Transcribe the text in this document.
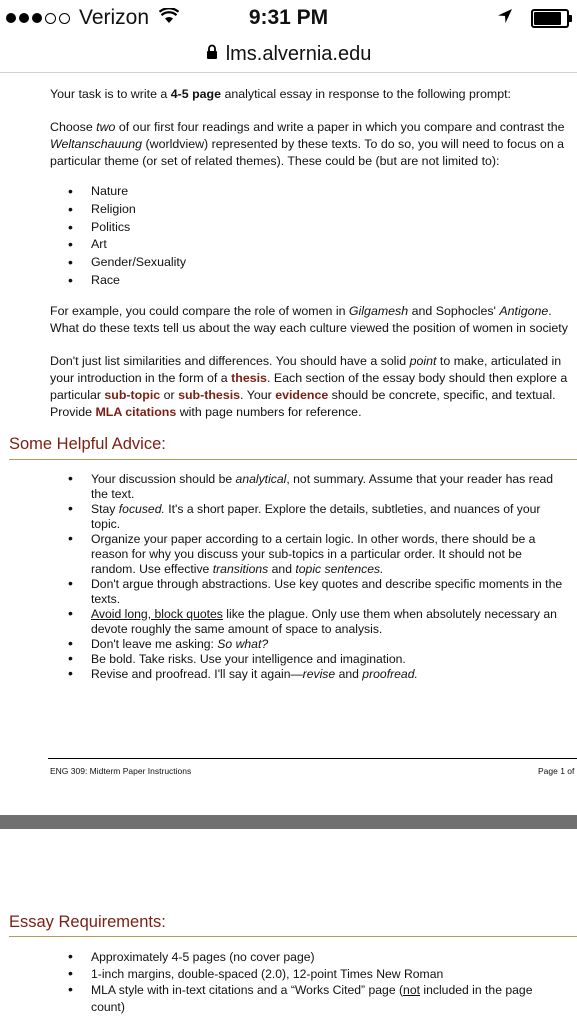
Verizon	9:31 PM
lms.alvernia.edu
Your task is to write a 4-5 page analytical essay in response to the following prompt:
Choose two of our first four readings and write a paper in which you compare and contrast the
Weltanschauung (worldview) represented by these texts. To do so, you will need to focus on a
particular theme (or set of related themes). These could be (but are not limited to):
• Nature
• Religion
• Politics
• Art
• Gender/Sexuality
• Race
For example, you could compare the role of women in Gilgamesh and Sophocles' Antigone.
What do these texts tell us about the way each culture viewed the position of women in society
Don't just list similarities and differences. You should have a solid point to make, articulated in
your introduction in the form of a thesis. Each section of the essay body should then explore a
particular sub-topic or sub-thesis. Your evidence should be concrete, specific, and textual.
Provide MLA citations with page numbers for reference.
Some Helpful Advice:
• Your discussion should be analytical, not summary. Assume that your reader has read
the text.
• Stay focused. It's a short paper. Explore the details, subtleties, and nuances of your
topic.
• Organize your paper according to a certain logic. In other words, there should be a
reason for why you discuss your sub-topics in a particular order. It should not be
random. Use effective transitions and topic sentences.
• Don't argue through abstractions. Use key quotes and describe specific moments in the
texts.
• Avoid long, block quotes like the plague. Only use them when absolutely necessary an
devote roughly the same amount of space to analysis.
• Don't leave me asking: So what?
• Be bold. Take risks. Use your intelligence and imagination.
• Revise and proofread. I'll say it again—revise and proofread.
ENG 309: Midterm Paper Instructions	Page 1 of
Essay Requirements:
• Approximately 4-5 pages (no cover page)
• 1-inch margins, double-spaced (2.0), 12-point Times New Roman
• MLA style with in-text citations and a “Works Cited” page (not included in the page
count)
